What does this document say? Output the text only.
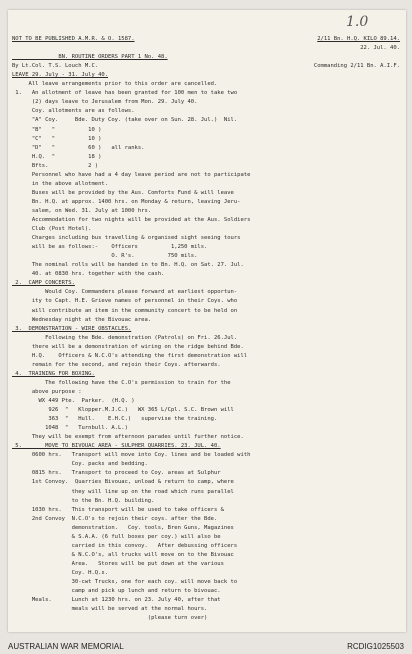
1.0
NOT TO BE PUBLISHED A.M.R. & O. 1587.	2/11 Bn. H.Q. KILO 89.14.
22. Jul. 40.
BN. ROUTINE ORDERS PART 1 No. 48.
By Lt.Col. T.S. Louch M.C.	Commanding 2/11 Bn. A.I.F.
LEAVE 29. July - 31. July 40.
All leave arrangements prior to this order are cancelled.
1.   An allotment of leave has been granted for 100 men to take two
(2) days leave to Jerusalem from Mon. 29. July 40.
Coy. allotments are as follows.
"A" Coy.     Bde. Duty Coy. (take over on Sun. 28. Jul.)  Nil.
"B"   "          10 )
"C"   "          10 )
"D"   "          60 )   all ranks.
H.Q.  "          18 )
Bfts.            2 )
Personnel who have had a 4 day leave period are not to participate
in the above allotment.
Buses will be provided by the Aus. Comforts Fund & will leave
Bn. H.Q. at approx. 1400 hrs. on Monday & return, leaving Jeru-
salem, on Wed. 31. July at 1000 hrs.
Accommodation for two nights will be provided at the Aus. Soldiers
Club (Post Hotel).
Charges including bus travelling & organised sight seeing tours
will be as follows:-    Officers          1,250 mils.
O. R's.          750 mils.
The nominal rolls will be handed in to Bn. H.Q. on Sat. 27. Jul.
40. at 0830 hrs. together with the cash.
2.  CAMP CONCERTS.
Would Coy. Commanders please forward at earliest opportun-
ity to Capt. H.E. Grieve names of personnel in their Coys. who
will contribute an item in the community concert to be held on
Wednesday night at the Bivouac area.
3.  DEMONSTRATION - WIRE OBSTACLES.
Following the Bde. demonstration (Patrols) on Fri. 26.Jul.
there will be a demonstration of wiring on the ridge behind Bde.
H.Q.    Officers & N.C.O's attending the first demonstration will
remain for the second, and rejoin their Coys. afterwards.
4.  TRAINING FOR BOXING.
The following have the C.O's permission to train for the
above purpose :
WX 449 Pte.  Parker.  (H.Q. )
926  "   Klopper.M.J.C.)   WX 365 L/Cpl. S.C. Brown will
363  "   Hull.    E.H.C.)   supervise the training.
1048  "   Turnbull. A.L.)
They will be exempt from afternoon parades until further notice.
5.       MOVE TO BIVOUAC AREA - SULPHER QUARRIES. 23. JUL. 40.
0600 hrs.   Transport will move into Coy. lines and be loaded with
Coy. packs and bedding.
0815 hrs.   Transport to proceed to Coy. areas at Sulphur
1st Convoy.  Quarries Bivouac, unload & return to camp, where
they will line up on the road which runs parallel
to the Bn. H.Q. building.
1030 hrs.   This transport will be used to take officers &
2nd Convoy  N.C.O's to rejoin their coys. after the Bde.
demonstration.   Coy. tools, Bren Guns, Magazines
& S.A.A. (6 full boxes per coy.) will also be
carried in this convoy.   After debussing officers
& N.C.O's, all trucks will move on to the Bivouac
Area.   Stores will be put down at the various
Coy. H.Q.s.
30-cwt Trucks, one for each coy. will move back to
camp and pick up lunch and return to bivouac.
Meals.      Lunch at 1230 hrs. on 23. July 40, after that
meals will be served at the normal hours.
(please turn over)
AUSTRALIAN WAR MEMORIAL	RCDIG1025503
